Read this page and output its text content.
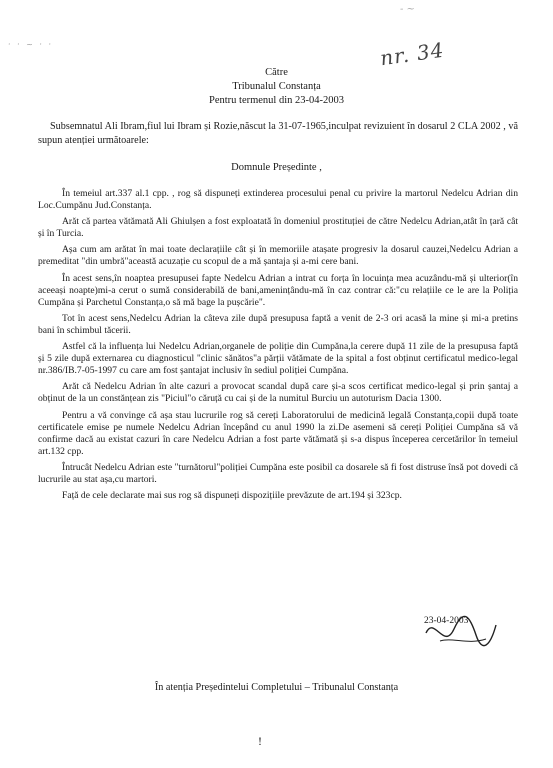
· · ~ · ·
- ~
nr. 34
Către
Tribunalul Constanța
Pentru termenul din 23-04-2003
Subsemnatul Ali Ibram,fiul lui Ibram și Rozie,născut la 31-07-1965,inculpat revizuient în dosarul 2 CLA 2002 , vă supun atenției următoarele:
Domnule Președinte ,

În temeiul art.337 al.1 cpp. , rog să dispuneți extinderea procesului penal cu privire la martorul Nedelcu Adrian din Loc.Cumpănu Jud.Constanța.

Arăt că partea vătămată Ali Ghiulșen a fost exploatată în domeniul prostituției de către Nedelcu Adrian,atât în țară cât și în Turcia.

Așa cum am arătat în mai toate declarațiile cât și în memoriile atașate progresiv la dosarul cauzei,Nedelcu Adrian a premeditat "din umbră"această acuzație cu scopul de a mă șantaja și a-mi cere bani.

În acest sens,în noaptea presupusei fapte Nedelcu Adrian a intrat cu forța în locuința mea acuzându-mă și ulterior(în aceeași noapte)mi-a cerut o sumă considerabilă de bani,amenințându-mă în caz contrar că:"cu relațiile ce le are la Poliția Cumpăna și Parchetul Constanța,o să mă bage la pușcărie".

Tot în acest sens,Nedelcu Adrian la câteva zile după presupusa faptă a venit de 2-3 ori acasă la mine și mi-a pretins bani în schimbul tăcerii.

Astfel că la influența lui Nedelcu Adrian,organele de poliție din Cumpăna,la cerere după 11 zile de la presupusa faptă și 5 zile după externarea cu diagnosticul "clinic sănătos"a părții vătămate de la spital a fost obținut certificatul medico-legal nr.386/IB.7-05-1997 cu care am fost șantajat inclusiv în sediul poliției Cumpăna.

Arăt că Nedelcu Adrian în alte cazuri a provocat scandal după care și-a scos certificat medico-legal și prin șantaj a obținut de la un constănțean zis "Piciul"o căruță cu cai și de la numitul Burciu un autoturism Dacia 1300.

Pentru a vă convinge că așa stau lucrurile rog să cereți Laboratorului de medicină legală Constanța,copii după toate certificatele emise pe numele Nedelcu Adrian începând cu anul 1990 la zi.De asemeni să cereți Poliției Cumpăna să vă confirme dacă au existat cazuri în care Nedelcu Adrian a fost parte vătămată și s-a dispus începerea cercetărilor în temeiul art.132 cpp.

Întrucât Nedelcu Adrian este "turnătorul"poliției Cumpăna este posibil ca dosarele să fi fost distruse însă pot dovedi că lucrurile au stat așa,cu martori.

Față de cele declarate mai sus rog să dispuneți dispozițiile prevăzute de art.194 și 323cp.

23-04-2003
În atenția Președintelui Completului – Tribunalul Constanța
!
